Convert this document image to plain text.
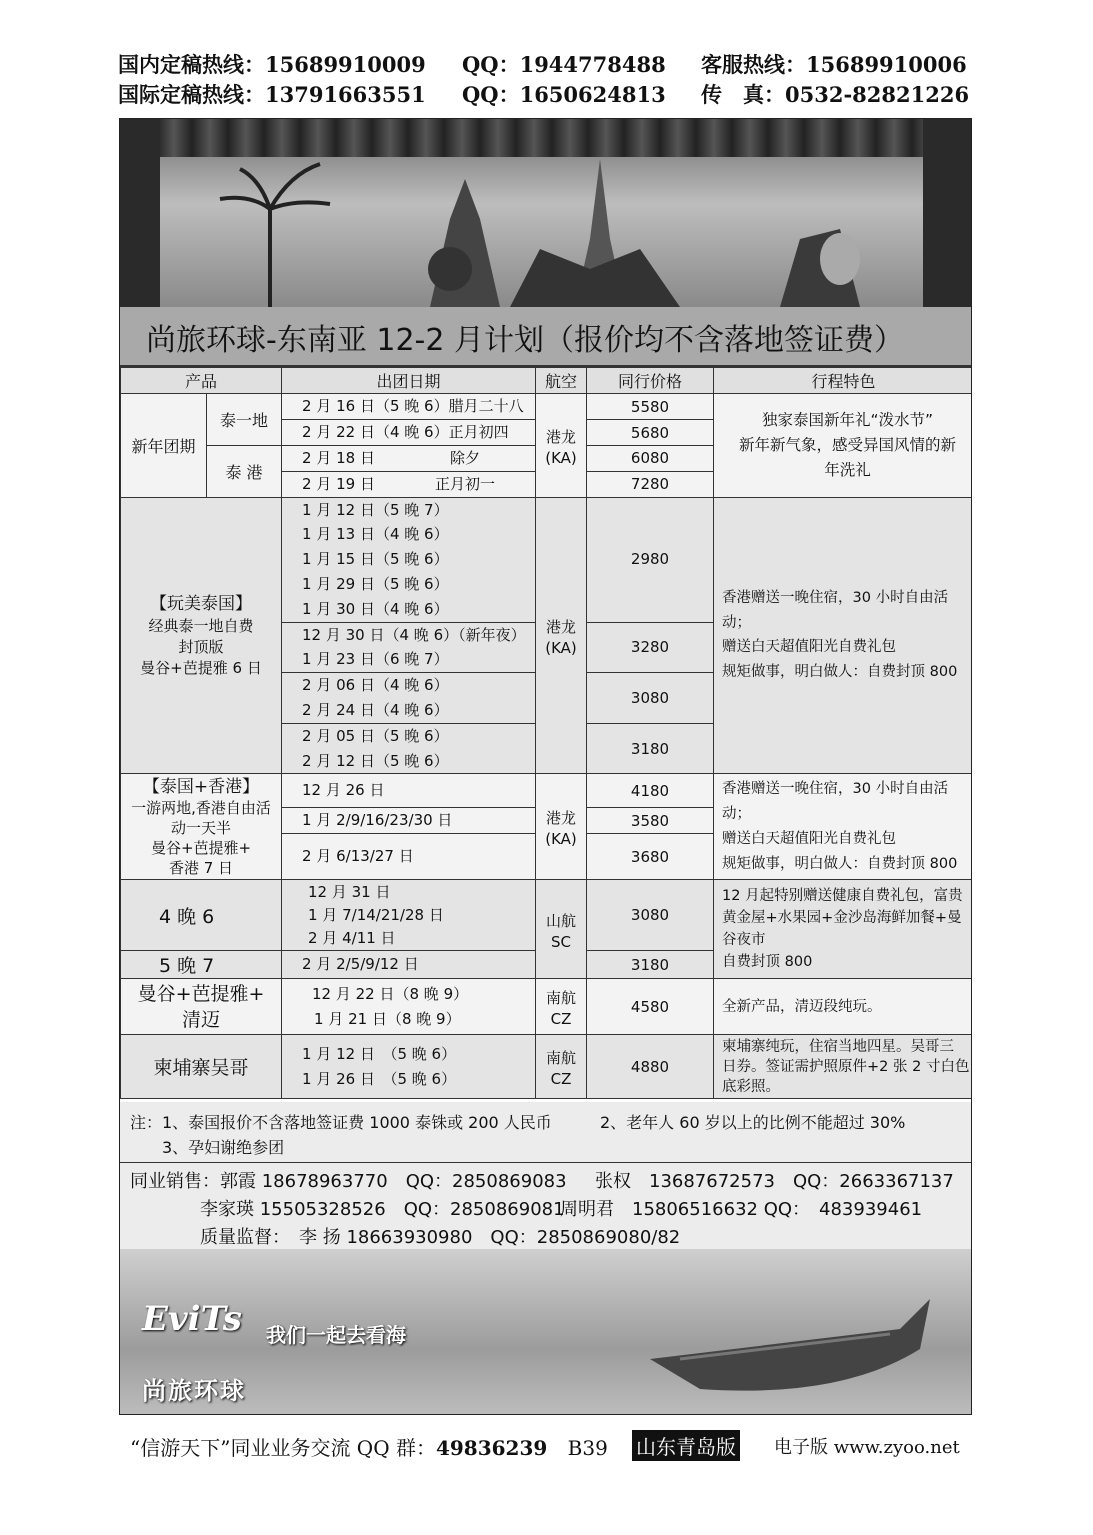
国内定稿热线：15689910009 QQ：1944778488 客服热线：15689910006
国际定稿热线：13791663551 QQ：1650624813 传　真：0532-82821226
尚旅环球-东南亚 12-2 月计划（报价均不含落地签证费）
产品		出团日期	航空	同行价格	行程特色
新年团期	泰一地	2 月 16 日（5 晚 6）腊月二十八	港龙
(KA)	5580	独家泰国新年礼“泼水节”
新年新气象，感受异国风情的新
年洗礼

		2 月 22 日（4 晚 6）正月初四		5680	
	泰 港	2 月 18 日　　　　　除夕		6080	

		2 月 19 日　　　　正月初一		7280	

【玩美泰国】
经典泰一地自费
封顶版
曼谷+芭提雅 6 日		1 月 12 日（5 晚 7）
1 月 13 日（4 晚 6）
1 月 15 日（5 晚 6）
1 月 29 日（5 晚 6）
1 月 30 日（4 晚 6）	港龙
(KA)	2980	香港赠送一晚住宿，30 小时自由活
动；
赠送白天超值阳光自费礼包
规矩做事，明白做人：自费封顶 800

		12 月 30 日（4 晚 6）（新年夜）
1 月 23 日（6 晚 7）		3280	

		2 月 06 日（4 晚 6）
2 月 24 日（4 晚 6）		3080	

		2 月 05 日（5 晚 6）
2 月 12 日（5 晚 6）		3180	

【泰国+香港】
一游两地,香港自由活
动一天半
曼谷+芭提雅+
香港 7 日		12 月 26 日	港龙
(KA)	4180	香港赠送一晚住宿，30 小时自由活
动；
赠送白天超值阳光自费礼包
规矩做事，明白做人：自费封顶 800

		1 月 2/9/16/23/30 日		3580	

		2 月 6/13/27 日		3680	
4 晚 6		12 月 31 日
1 月 7/14/21/28 日
2 月 4/11 日	山航
SC	3080	12 月起特别赠送健康自费礼包，富贵
黄金屋+水果园+金沙岛海鲜加餐+曼
谷夜市
自费封顶 800

5 晚 7		2 月 2/5/9/12 日		3180	

曼谷+芭提雅+
清迈		12 月 22 日（8 晚 9）
1 月 21 日（8 晚 9）	南航
CZ	4580	全新产品，清迈段纯玩。
柬埔寨吴哥		1 月 12 日　（5 晚 6）
1 月 26 日　（5 晚 6）	南航
CZ	4880	柬埔寨纯玩，住宿当地四星。吴哥三
日券。签证需护照原件+2 张 2 寸白色
底彩照。
注：1、泰国报价不含落地签证费 1000 泰铢或 200 人民币	2、老年人 60 岁以上的比例不能超过 30%
3、孕妇谢绝参团
同业销售：郭霞 18678963770　QQ：2850869083 张权　13687672573　QQ：2663367137
李家瑛 15505328526　QQ：2850869081
周明君　15806516632 QQ：　483939461
质量监督：　李 扬 18663930980　QQ：2850869080/82
EviTs
尚旅环球
我们一起去看海
“信游天下”同业业务交流 QQ 群：49836239 B39 山东青岛版 电子版 www.zyoo.net
